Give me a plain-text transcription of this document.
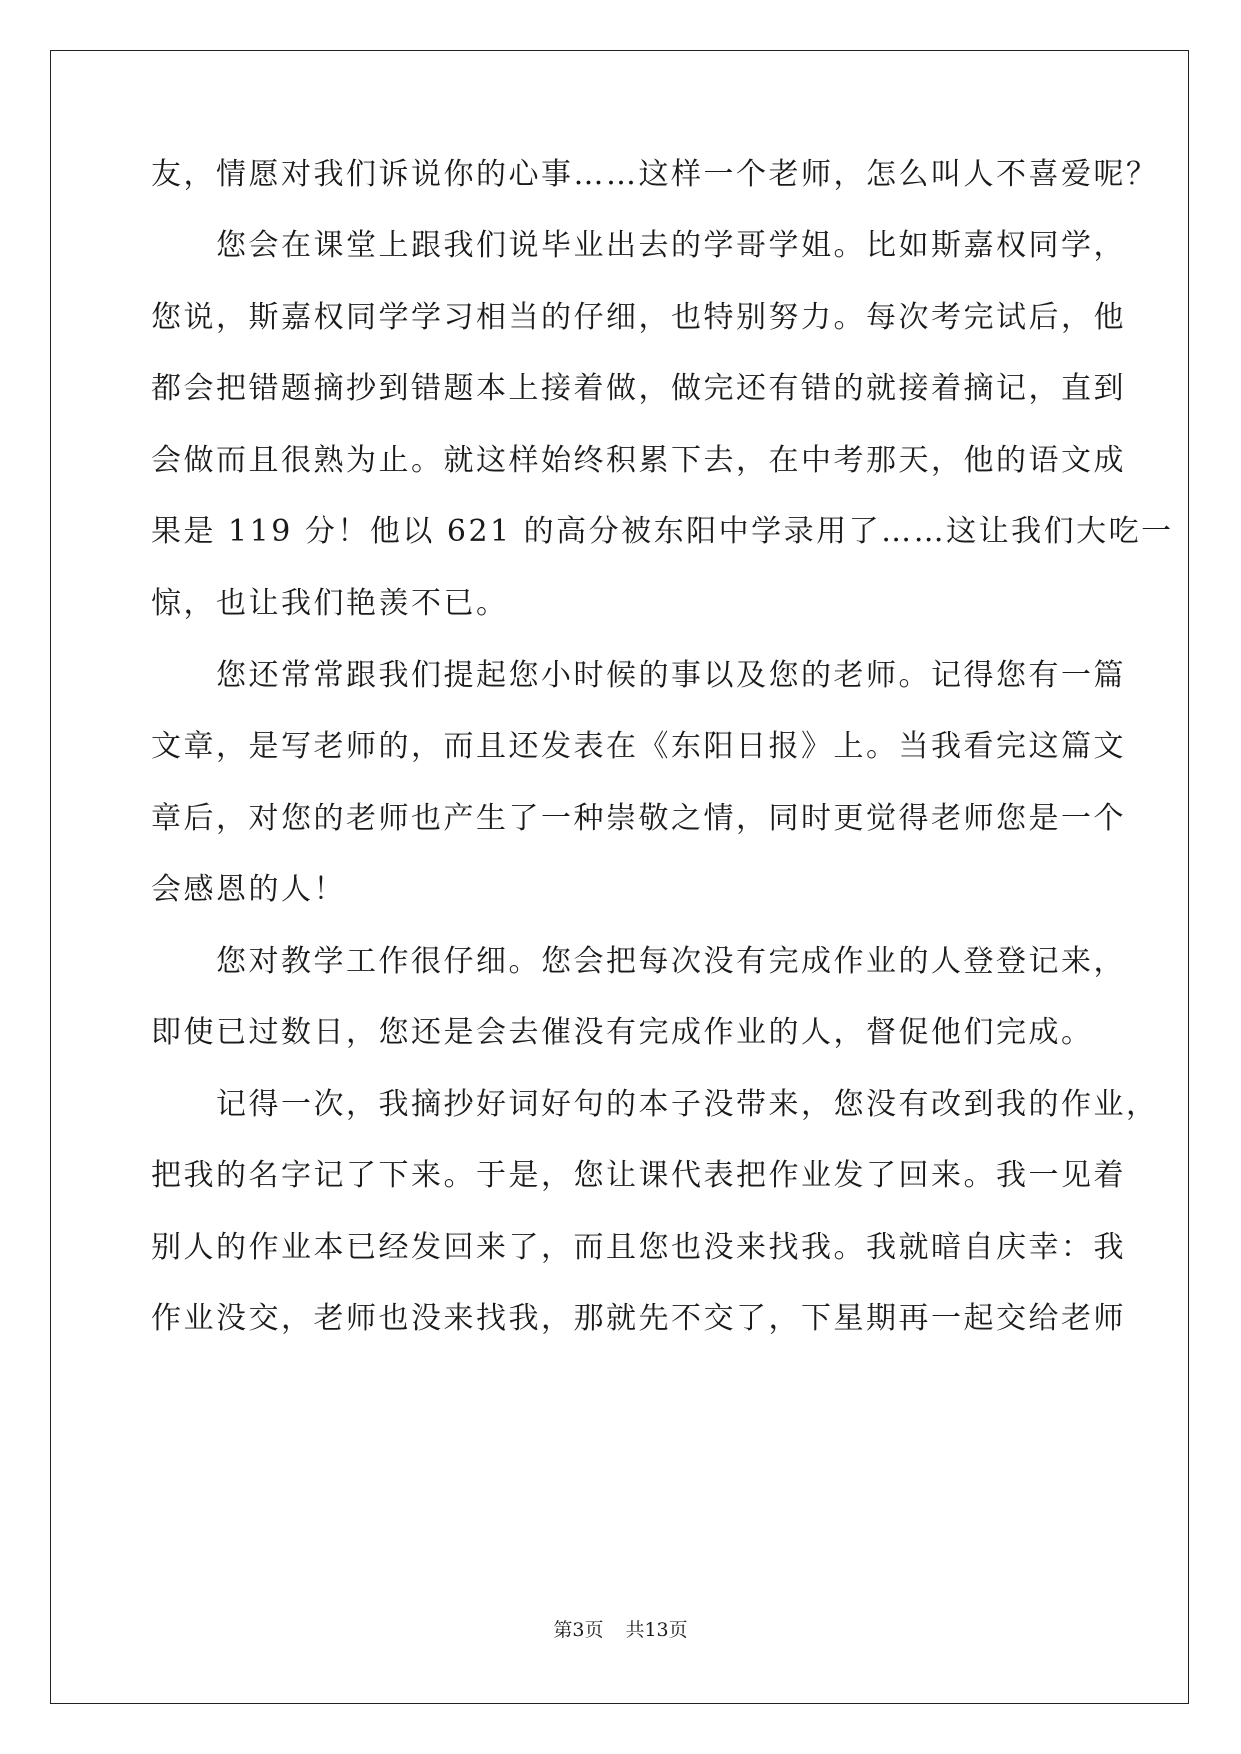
友，情愿对我们诉说你的心事……这样一个老师，怎么叫人不喜爱呢？
　　您会在课堂上跟我们说毕业出去的学哥学姐。比如斯嘉权同学，
您说，斯嘉权同学学习相当的仔细，也特别努力。每次考完试后，他
都会把错题摘抄到错题本上接着做，做完还有错的就接着摘记，直到
会做而且很熟为止。就这样始终积累下去，在中考那天，他的语文成
果是 119 分！他以 621 的高分被东阳中学录用了……这让我们大吃一
惊，也让我们艳羡不已。
　　您还常常跟我们提起您小时候的事以及您的老师。记得您有一篇
文章，是写老师的，而且还发表在《东阳日报》上。当我看完这篇文
章后，对您的老师也产生了一种崇敬之情，同时更觉得老师您是一个
会感恩的人！
　　您对教学工作很仔细。您会把每次没有完成作业的人登登记来，
即使已过数日，您还是会去催没有完成作业的人，督促他们完成。
　　记得一次，我摘抄好词好句的本子没带来，您没有改到我的作业，
把我的名字记了下来。于是，您让课代表把作业发了回来。我一见着
别人的作业本已经发回来了，而且您也没来找我。我就暗自庆幸：我
作业没交，老师也没来找我，那就先不交了，下星期再一起交给老师
第3页 共13页
